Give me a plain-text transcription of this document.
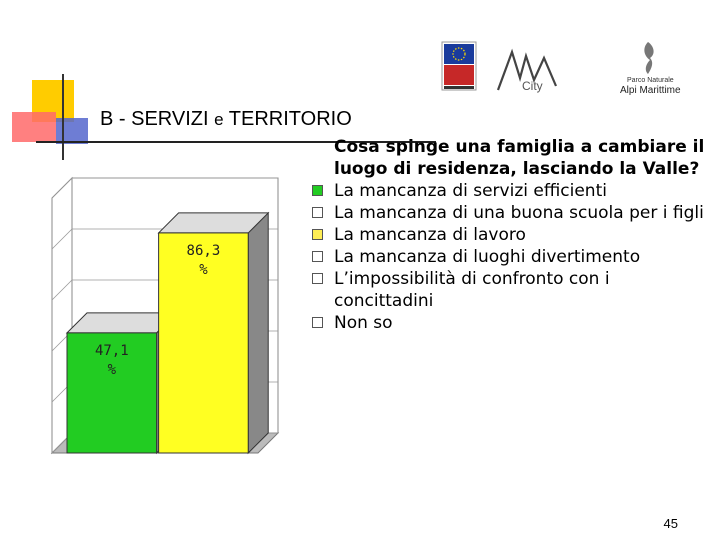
B - SERVIZI e TERRITORIO
City	Parco Naturale
Alpi Marittime
47,1
%
86,3
%
Cosa spinge una famiglia a cambiare il luogo di residenza, lasciando la Valle?
La mancanza di servizi efficienti
La mancanza di una buona scuola per i figli
La mancanza di lavoro
La mancanza di luoghi divertimento
L’impossibilità di confronto con i concittadini
Non so
45
